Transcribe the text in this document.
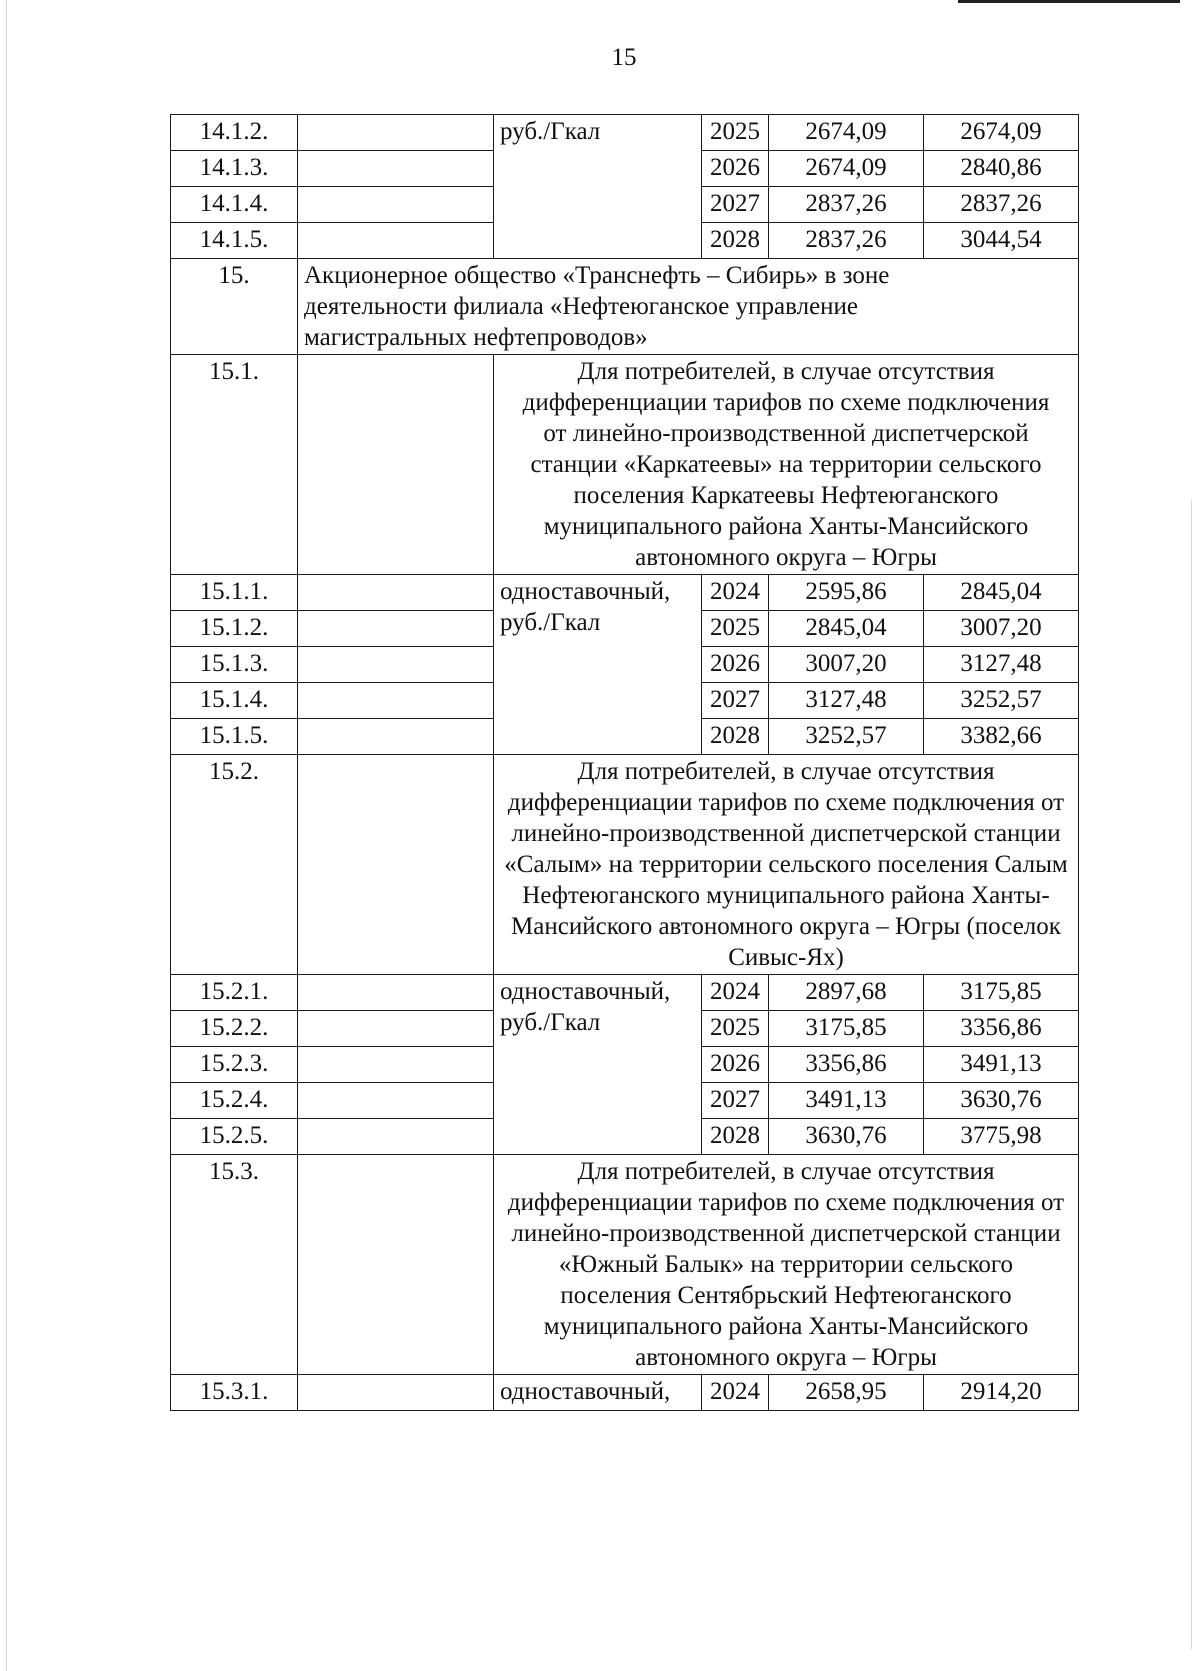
15
14.1.2.		руб./Гкал	2025	2674,09	2674,09
14.1.3.			2026	2674,09	2840,86
14.1.4.			2027	2837,26	2837,26
14.1.5.			2028	2837,26	3044,54
15.	Акционерное общество «Транснефть – Сибирь» в зоне деятельности филиала «Нефтеюганское управление магистральных нефтепроводов»				
15.1.		Для потребителей, в случае отсутствия дифференциации тарифов по схеме подключения от линейно-производственной диспетчерской станции «Каркатеевы» на территории сельского поселения Каркатеевы Нефтеюганского муниципального района Ханты-Мансийского автономного округа – Югры			
15.1.1.		одноставочный, руб./Гкал	2024	2595,86	2845,04
15.1.2.			2025	2845,04	3007,20
15.1.3.			2026	3007,20	3127,48
15.1.4.			2027	3127,48	3252,57
15.1.5.			2028	3252,57	3382,66
15.2.		Для потребителей, в случае отсутствия дифференциации тарифов по схеме подключения от линейно-производственной диспетчерской станции «Салым» на территории сельского поселения Салым Нефтеюганского муниципального района Ханты-Мансийского автономного округа – Югры (поселок Сивыс-Ях)			
15.2.1.		одноставочный, руб./Гкал	2024	2897,68	3175,85
15.2.2.			2025	3175,85	3356,86
15.2.3.			2026	3356,86	3491,13
15.2.4.			2027	3491,13	3630,76
15.2.5.			2028	3630,76	3775,98
15.3.		Для потребителей, в случае отсутствия дифференциации тарифов по схеме подключения от линейно-производственной диспетчерской станции «Южный Балык» на территории сельского поселения Сентябрьский Нефтеюганского муниципального района Ханты-Мансийского автономного округа – Югры			
15.3.1.		одноставочный,	2024	2658,95	2914,20
